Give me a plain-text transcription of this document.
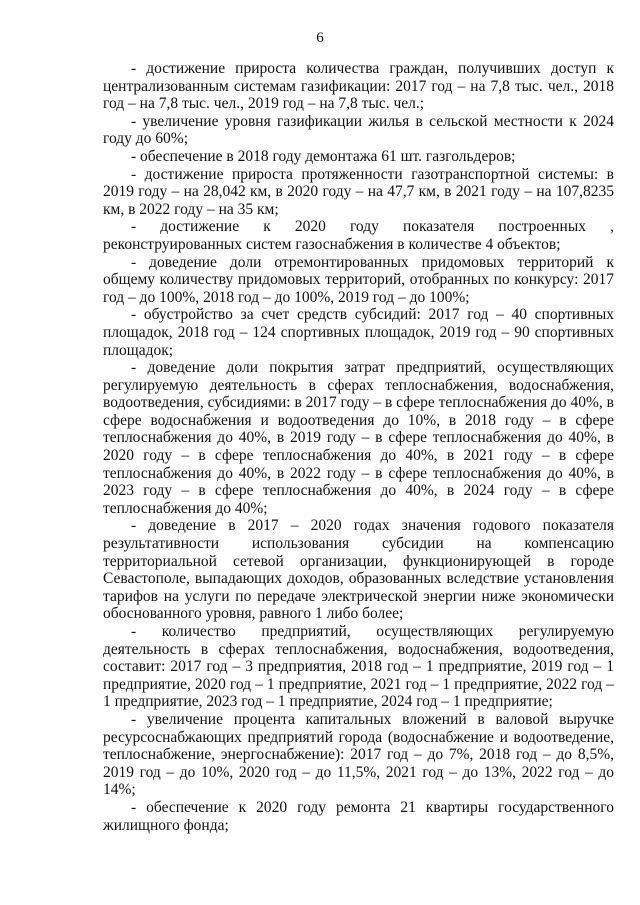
6

- достижение прироста количества граждан, получивших доступ к централизованным системам газификации: 2017 год – на 7,8 тыс. чел., 2018 год – на 7,8 тыс. чел., 2019 год – на 7,8 тыс. чел.;

- увеличение уровня газификации жилья в сельской местности к 2024 году до 60%;

- обеспечение в 2018 году демонтажа 61 шт. газгольдеров;

- достижение прироста протяженности газотранспортной системы: в 2019 году – на 28,042 км, в 2020 году – на 47,7 км, в 2021 году – на 107,8235 км, в 2022 году – на 35 км;

- достижение к 2020 году показателя построенных , реконструированных систем газоснабжения в количестве 4 объектов;

- доведение доли отремонтированных придомовых территорий к общему количеству придомовых территорий, отобранных по конкурсу: 2017 год – до 100%, 2018 год – до 100%, 2019 год – до 100%;

- обустройство за счет средств субсидий: 2017 год – 40 спортивных площадок, 2018 год – 124 спортивных площадок, 2019 год – 90 спортивных площадок;

- доведение доли покрытия затрат предприятий, осуществляющих регулируемую деятельность в сферах теплоснабжения, водоснабжения, водоотведения, субсидиями: в 2017 году – в сфере теплоснабжения до 40%, в сфере водоснабжения и водоотведения до 10%, в 2018 году – в сфере теплоснабжения до 40%, в 2019 году – в сфере теплоснабжения до 40%, в 2020 году – в сфере теплоснабжения до 40%, в 2021 году – в сфере теплоснабжения до 40%, в 2022 году – в сфере теплоснабжения до 40%, в 2023 году – в сфере теплоснабжения до 40%, в 2024 году – в сфере теплоснабжения до 40%;

- доведение в 2017 – 2020 годах значения годового показателя результативности использования субсидии на компенсацию территориальной сетевой организации, функционирующей в городе Севастополе, выпадающих доходов, образованных вследствие установления тарифов на услуги по передаче электрической энергии ниже экономически обоснованного уровня, равного 1 либо более;

- количество предприятий, осуществляющих регулируемую деятельность в сферах теплоснабжения, водоснабжения, водоотведения, составит: 2017 год – 3 предприятия, 2018 год – 1 предприятие, 2019 год – 1 предприятие, 2020 год – 1 предприятие, 2021 год – 1 предприятие, 2022 год – 1 предприятие, 2023 год – 1 предприятие, 2024 год – 1 предприятие;

- увеличение процента капитальных вложений в валовой выручке ресурсоснабжающих предприятий города (водоснабжение и водоотведение, теплоснабжение, энергоснабжение): 2017 год – до 7%, 2018 год – до 8,5%, 2019 год – до 10%, 2020 год – до 11,5%, 2021 год – до 13%, 2022 год – до 14%;

- обеспечение к 2020 году ремонта 21 квартиры государственного жилищного фонда;
